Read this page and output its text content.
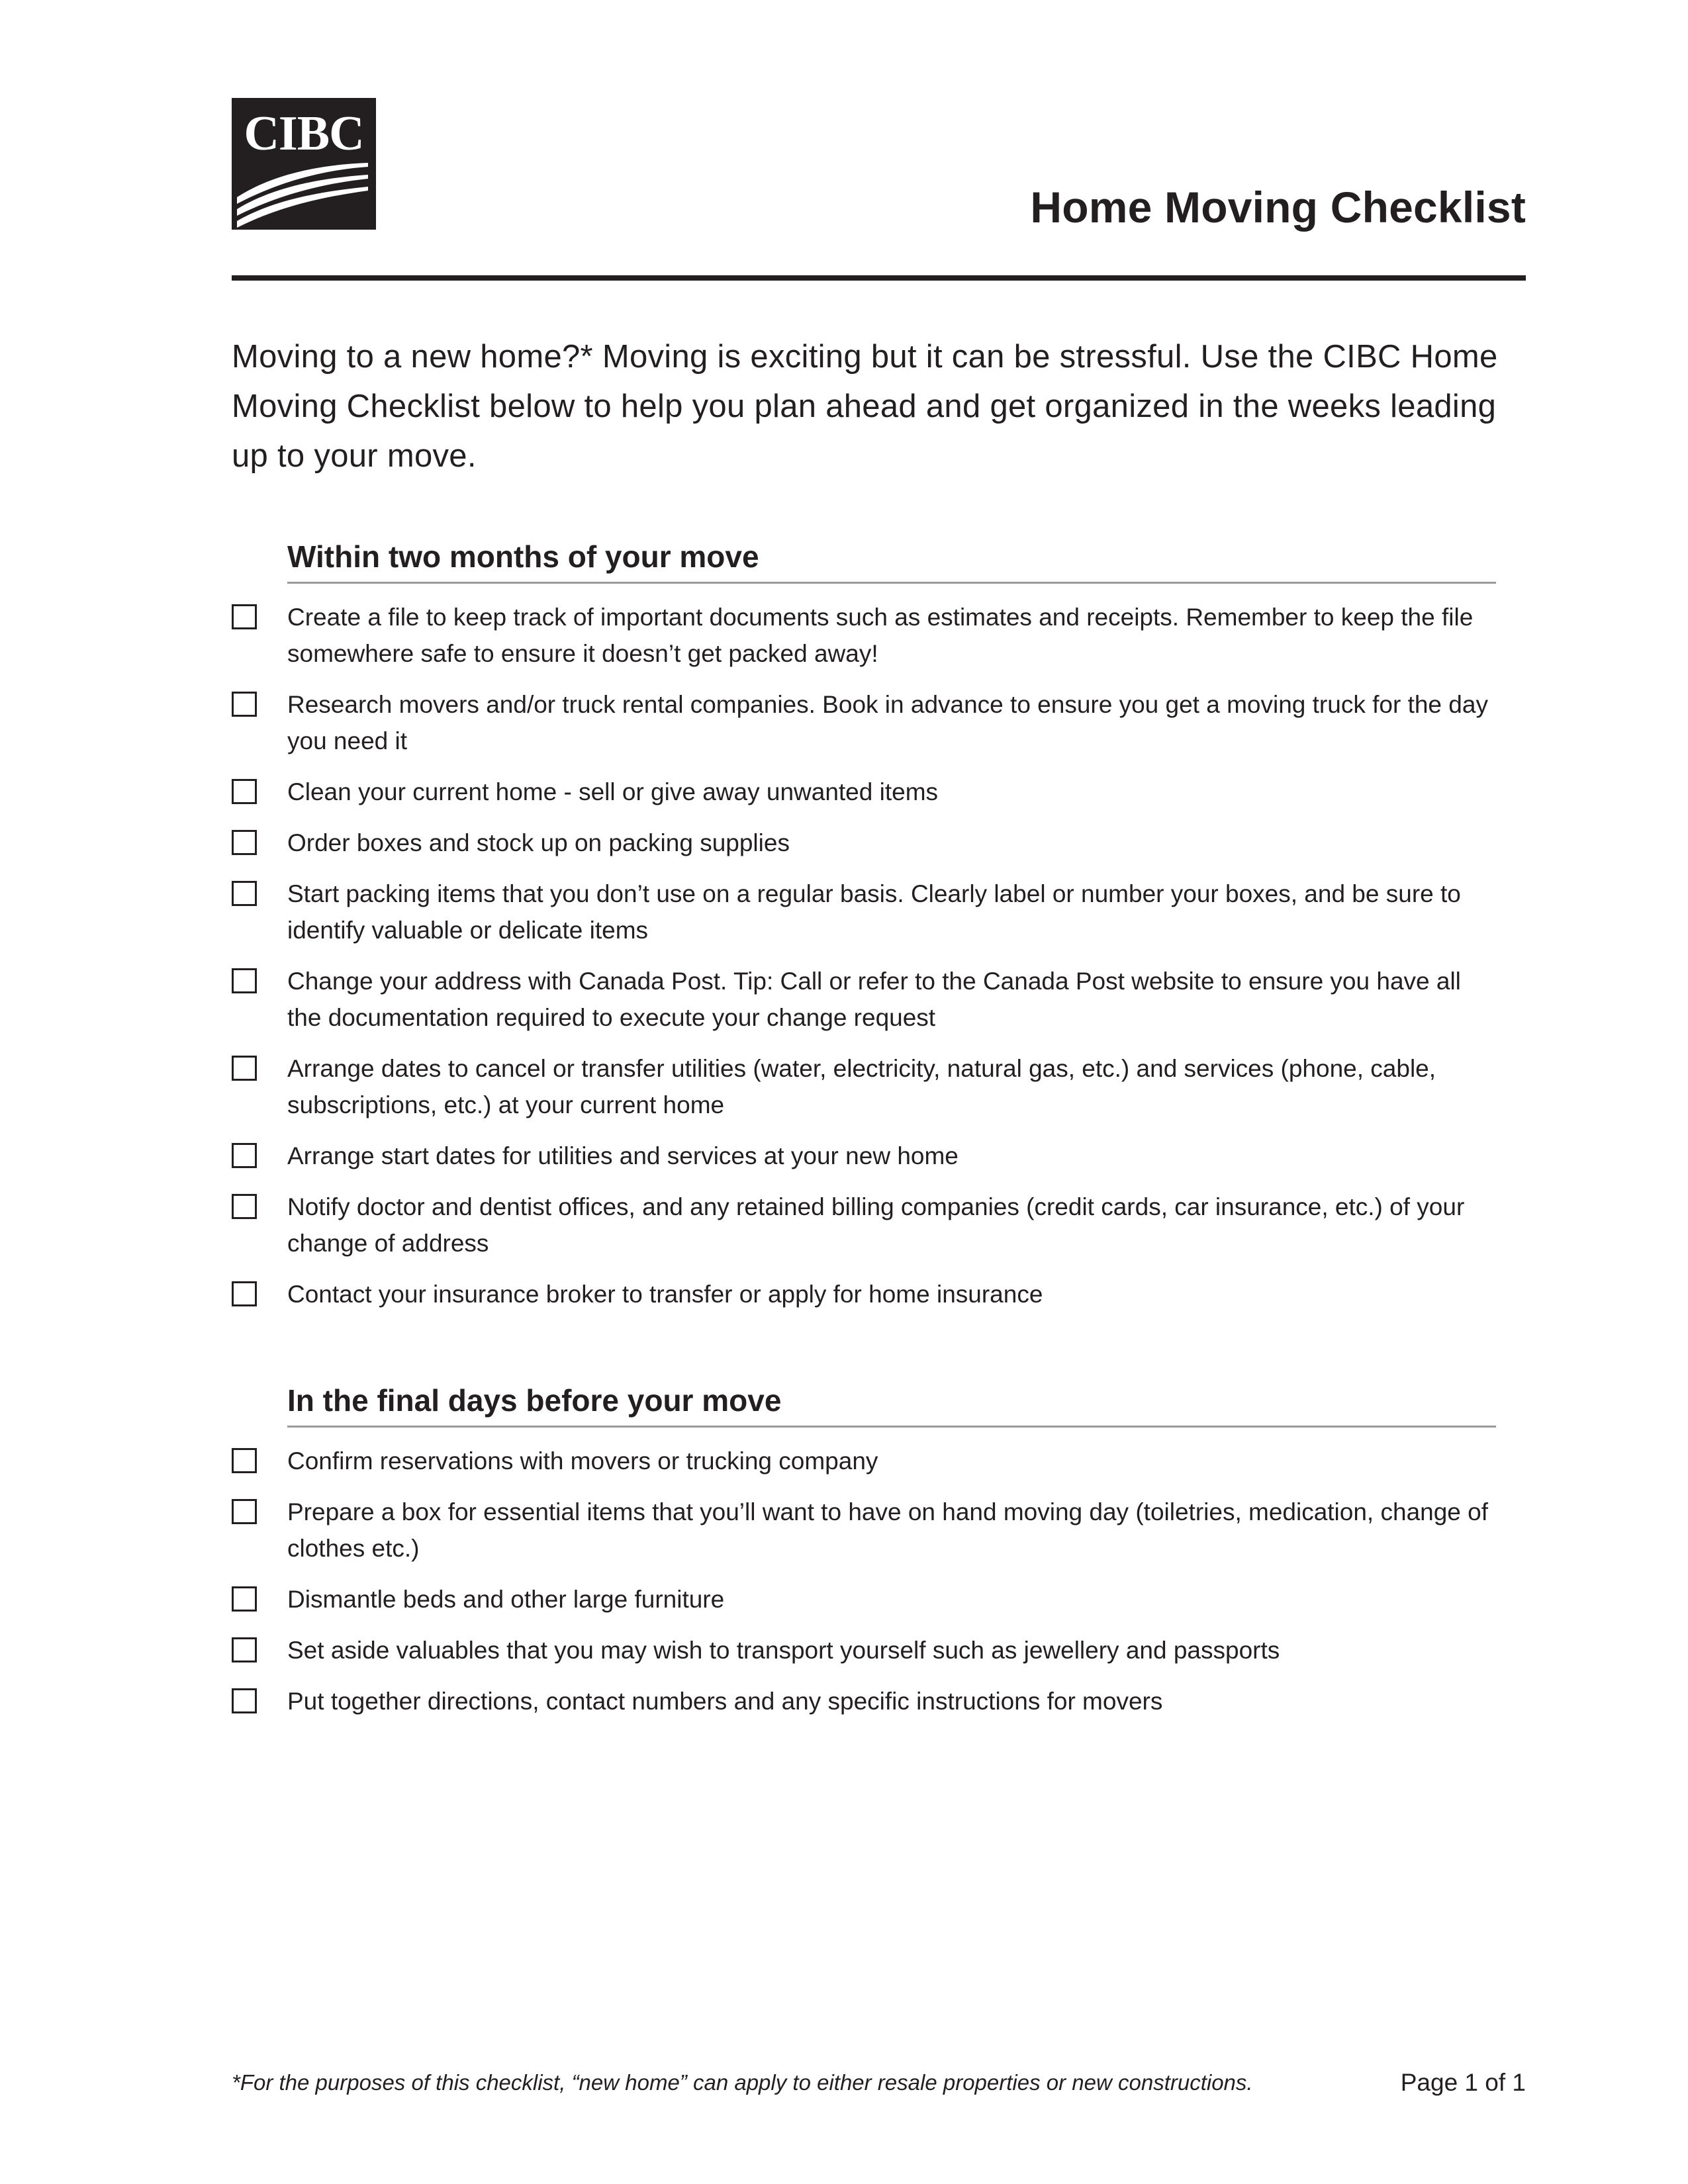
CIBC
Home Moving Checklist

Moving to a new home?* Moving is exciting but it can be stressful. Use the CIBC Home Moving Checklist below to help you plan ahead and get organized in the weeks leading up to your move.

Within two months of your move
Create a file to keep track of important documents such as estimates and receipts. Remember to keep the file somewhere safe to ensure it doesn’t get packed away!
Research movers and/or truck rental companies. Book in advance to ensure you get a moving truck for the day you need it
Clean your current home - sell or give away unwanted items
Order boxes and stock up on packing supplies
Start packing items that you don’t use on a regular basis. Clearly label or number your boxes, and be sure to identify valuable or delicate items
Change your address with Canada Post. Tip: Call or refer to the Canada Post website to ensure you have all the documentation required to execute your change request
Arrange dates to cancel or transfer utilities (water, electricity, natural gas, etc.) and services (phone, cable, subscriptions, etc.) at your current home
Arrange start dates for utilities and services at your new home
Notify doctor and dentist offices, and any retained billing companies (credit cards, car insurance, etc.) of your change of address
Contact your insurance broker to transfer or apply for home insurance
In the final days before your move
Confirm reservations with movers or trucking company
Prepare a box for essential items that you’ll want to have on hand moving day (toiletries, medication, change of clothes etc.)
Dismantle beds and other large furniture
Set aside valuables that you may wish to transport yourself such as jewellery and passports
Put together directions, contact numbers and any specific instructions for movers
*For the purposes of this checklist, “new home” can apply to either resale properties or new constructions.	Page 1 of 1
